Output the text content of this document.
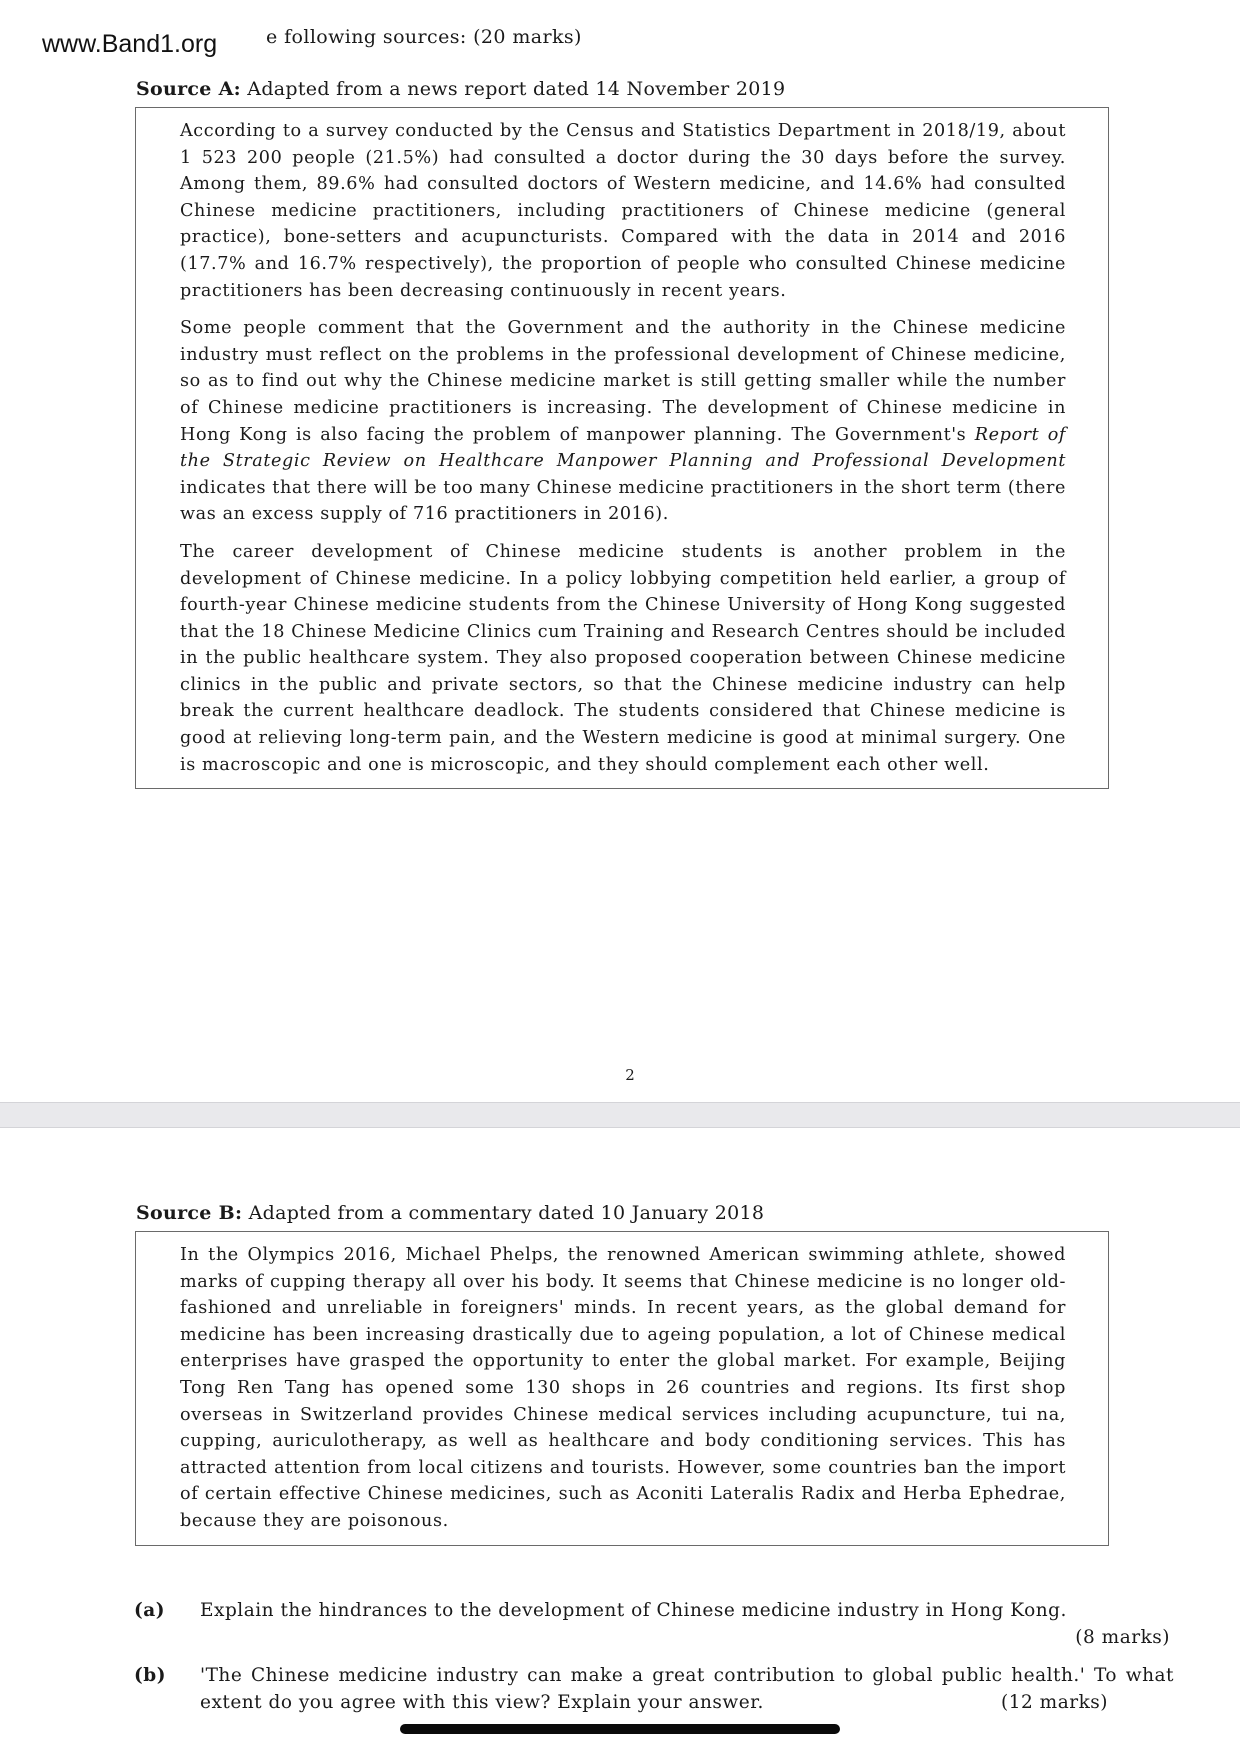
www.Band1.org	e following sources: (20 marks)
Source A: Adapted from a news report dated 14 November 2019

According to a survey conducted by the Census and Statistics Department in 2018/19, about 1 523 200 people (21.5%) had consulted a doctor during the 30 days before the survey. Among them, 89.6% had consulted doctors of Western medicine, and 14.6% had consulted Chinese medicine practitioners, including practitioners of Chinese medicine (general practice), bone-setters and acupuncturists. Compared with the data in 2014 and 2016 (17.7% and 16.7% respectively), the proportion of people who consulted Chinese medicine practitioners has been decreasing continuously in recent years.

Some people comment that the Government and the authority in the Chinese medicine industry must reflect on the problems in the professional development of Chinese medicine, so as to find out why the Chinese medicine market is still getting smaller while the number of Chinese medicine practitioners is increasing. The development of Chinese medicine in Hong Kong is also facing the problem of manpower planning. The Government's Report of the Strategic Review on Healthcare Manpower Planning and Professional Development indicates that there will be too many Chinese medicine practitioners in the short term (there was an excess supply of 716 practitioners in 2016).

The career development of Chinese medicine students is another problem in the development of Chinese medicine. In a policy lobbying competition held earlier, a group of fourth-year Chinese medicine students from the Chinese University of Hong Kong suggested that the 18 Chinese Medicine Clinics cum Training and Research Centres should be included in the public healthcare system. They also proposed cooperation between Chinese medicine clinics in the public and private sectors, so that the Chinese medicine industry can help break the current healthcare deadlock. The students considered that Chinese medicine is good at relieving long-term pain, and the Western medicine is good at minimal surgery. One is macroscopic and one is microscopic, and they should complement each other well.

2
Source B: Adapted from a commentary dated 10 January 2018

In the Olympics 2016, Michael Phelps, the renowned American swimming athlete, showed marks of cupping therapy all over his body. It seems that Chinese medicine is no longer old-fashioned and unreliable in foreigners' minds. In recent years, as the global demand for medicine has been increasing drastically due to ageing population, a lot of Chinese medical enterprises have grasped the opportunity to enter the global market. For example, Beijing Tong Ren Tang has opened some 130 shops in 26 countries and regions. Its first shop overseas in Switzerland provides Chinese medical services including acupuncture, tui na, cupping, auriculotherapy, as well as healthcare and body conditioning services. This has attracted attention from local citizens and tourists. However, some countries ban the import of certain effective Chinese medicines, such as Aconiti Lateralis Radix and Herba Ephedrae, because they are poisonous.

(a) Explain the hindrances to the development of Chinese medicine industry in Hong Kong.
(8 marks)
(b) 'The Chinese medicine industry can make a great contribution to global public health.' To what extent do you agree with this view? Explain your answer.	(12 marks)
